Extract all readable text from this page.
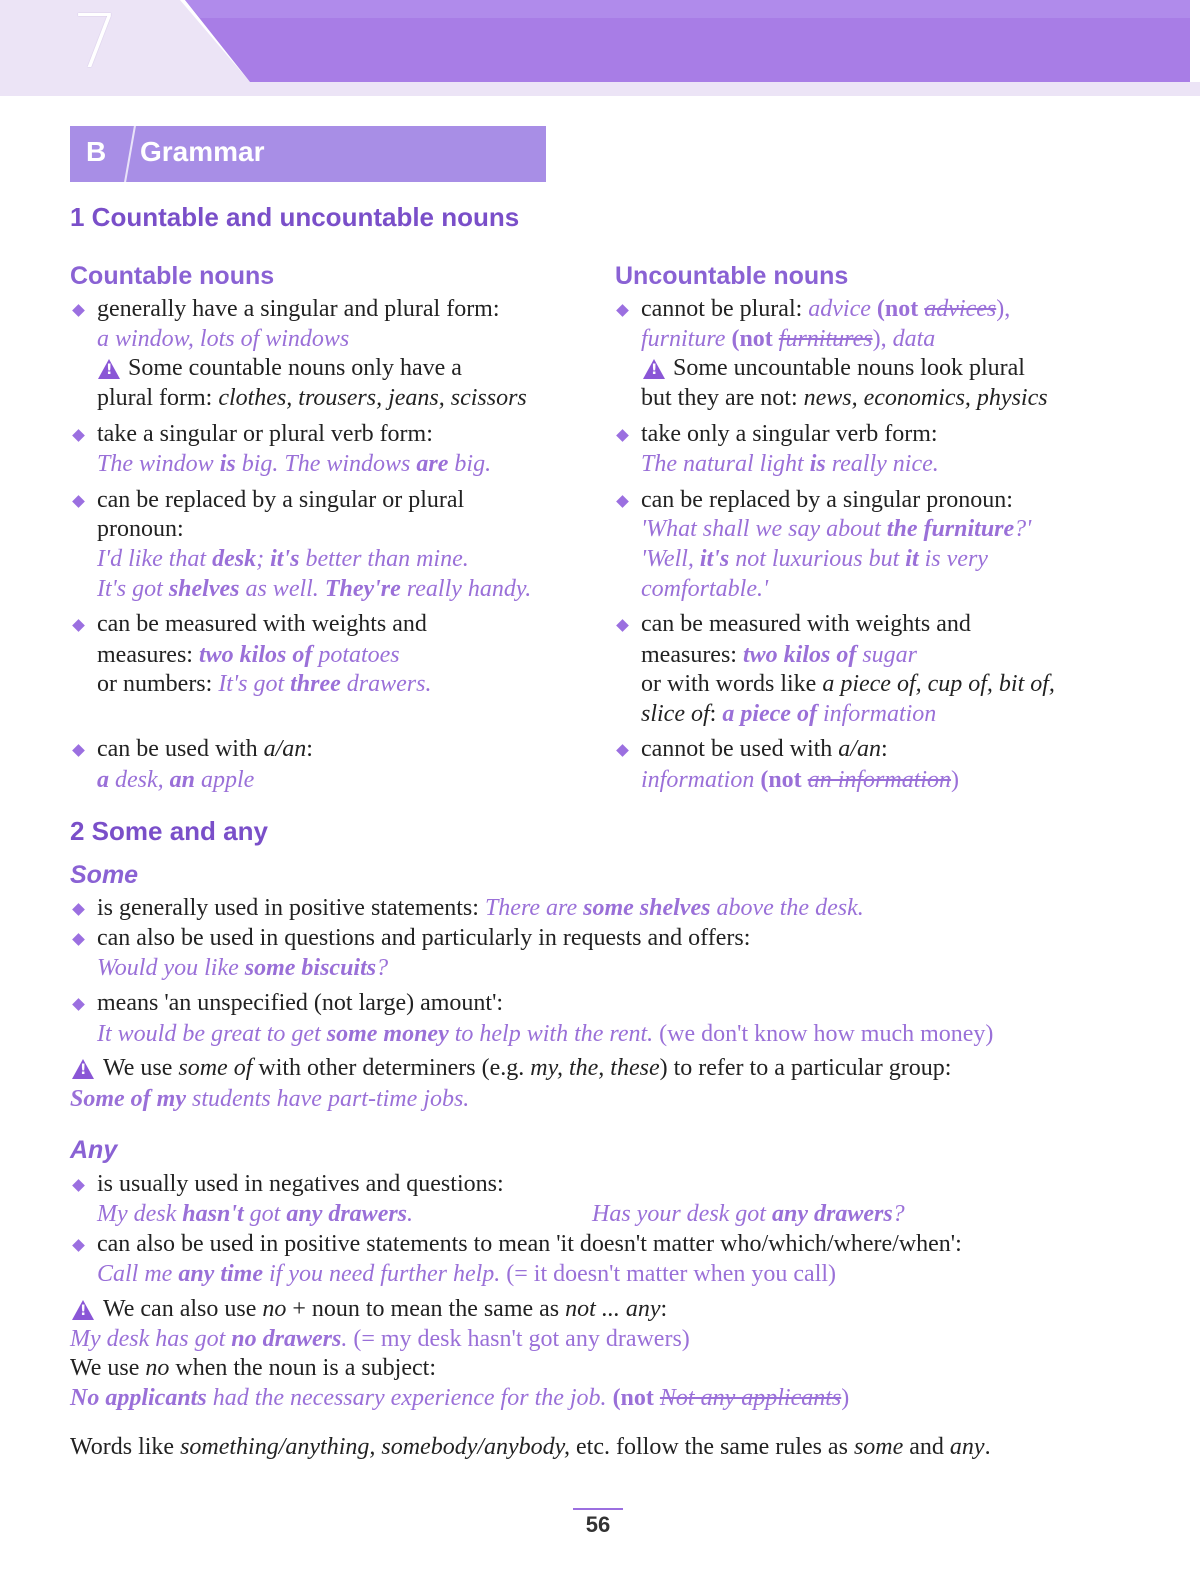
7
B Grammar
1 Countable and uncountable nouns
Countable nouns
generally have a singular and plural form:
a window, lots of windows
!
Some countable nouns only have a
plural form: clothes, trousers, jeans, scissors
take a singular or plural verb form:
The window is big. The windows are big.
can be replaced by a singular or plural
pronoun:
I'd like that desk; it's better than mine.
It's got shelves as well. They're really handy.
can be measured with weights and
measures: two kilos of potatoes
or numbers: It's got three drawers.
can be used with a/an:
a desk, an apple
Uncountable nouns
cannot be plural: advice (not advices),
furniture (not furnitures), data
!
Some uncountable nouns look plural
but they are not: news, economics, physics
take only a singular verb form:
The natural light is really nice.
can be replaced by a singular pronoun:
'What shall we say about the furniture?'
'Well, it's not luxurious but it is very
comfortable.'
can be measured with weights and
measures: two kilos of sugar
or with words like a piece of, cup of, bit of,
slice of: a piece of information
cannot be used with a/an:
information (not an information)
2 Some and any
Some
is generally used in positive statements: There are some shelves above the desk.
can also be used in questions and particularly in requests and offers:
Would you like some biscuits?
means 'an unspecified (not large) amount':
It would be great to get some money to help with the rent. (we don't know how much money)
!
We use some of with other determiners (e.g. my, the, these) to refer to a particular group:
Some of my students have part-time jobs.
Any
is usually used in negatives and questions:
My desk hasn't got any drawers.	Has your desk got any drawers?
can also be used in positive statements to mean 'it doesn't matter who/which/where/when':
Call me any time if you need further help. (= it doesn't matter when you call)
!
We can also use no + noun to mean the same as not ... any:
My desk has got no drawers. (= my desk hasn't got any drawers)
We use no when the noun is a subject:
No applicants had the necessary experience for the job. (not Not any applicants)
Words like something/anything, somebody/anybody, etc. follow the same rules as some and any.
56
